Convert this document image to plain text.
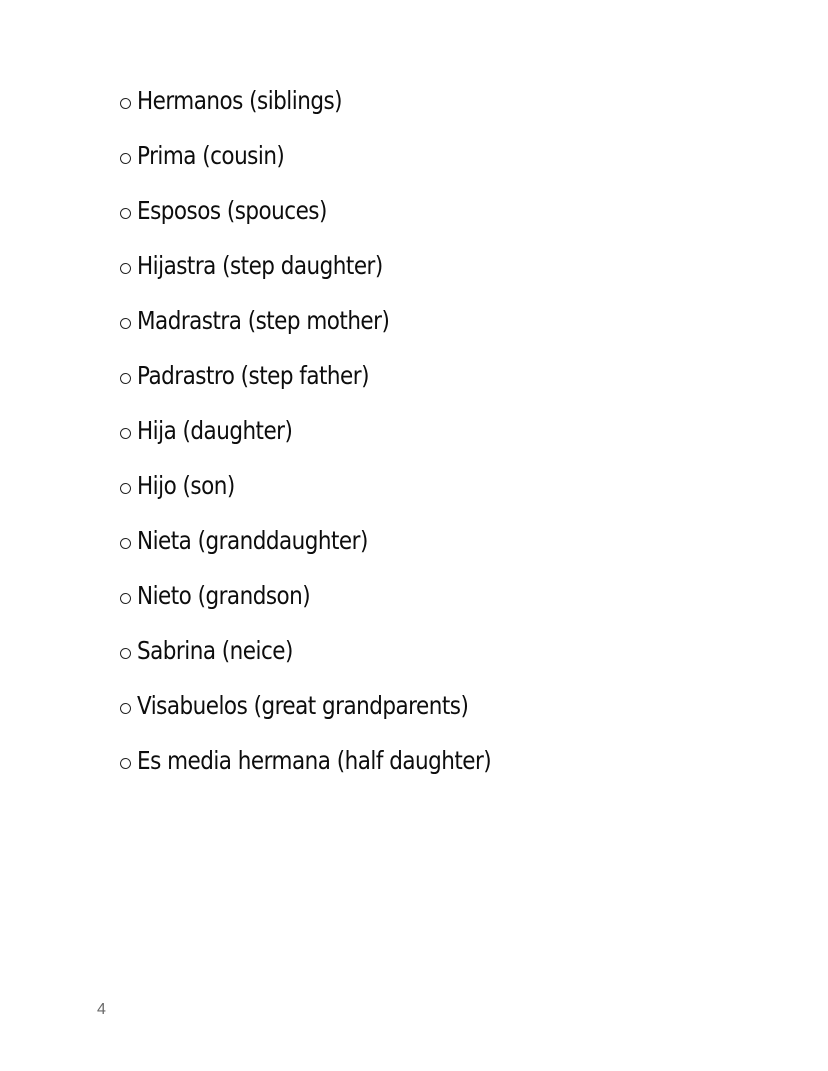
Hermanos (siblings)
Prima (cousin)
Esposos (spouces)
Hijastra (step daughter)
Madrastra (step mother)
Padrastro (step father)
Hija (daughter)
Hijo (son)
Nieta (granddaughter)
Nieto (grandson)
Sabrina (neice)
Visabuelos (great grandparents)
Es media hermana (half daughter)
4
